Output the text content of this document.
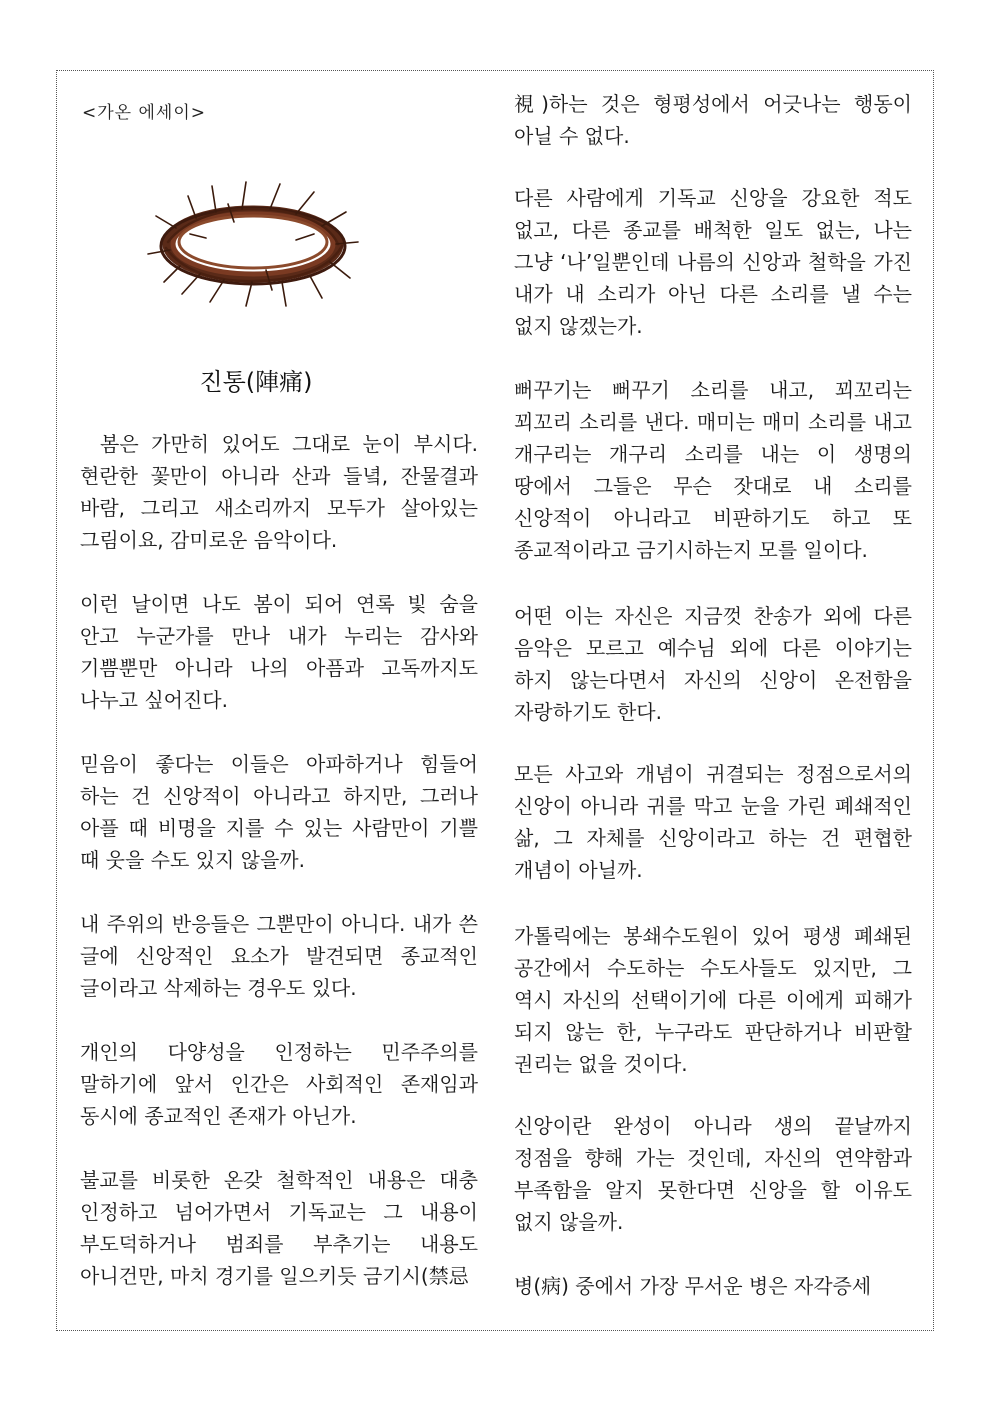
<가온 에세이>
진통(陣痛)

봄은 가만히 있어도 그대로 눈이 부시다. 현란한 꽃만이 아니라 산과 들녘, 잔물결과 바람, 그리고 새소리까지 모두가 살아있는 그림이요, 감미로운 음악이다.

이런 날이면 나도 봄이 되어 연록 빛 숨을 안고 누군가를 만나 내가 누리는 감사와 기쁨뿐만 아니라 나의 아픔과 고독까지도 나누고 싶어진다.

믿음이 좋다는 이들은 아파하거나 힘들어 하는 건 신앙적이 아니라고 하지만, 그러나 아플 때 비명을 지를 수 있는 사람만이 기쁠 때 웃을 수도 있지 않을까.

내 주위의 반응들은 그뿐만이 아니다. 내가 쓴 글에 신앙적인 요소가 발견되면 종교적인 글이라고 삭제하는 경우도 있다.

개인의 다양성을 인정하는 민주주의를 말하기에 앞서 인간은 사회적인 존재임과 동시에 종교적인 존재가 아닌가.

불교를 비롯한 온갖 철학적인 내용은 대충 인정하고 넘어가면서 기독교는 그 내용이 부도덕하거나 범죄를 부추기는 내용도 아니건만, 마치 경기를 일으키듯 금기시(禁忌

視)하는 것은 형평성에서 어긋나는 행동이 아닐 수 없다.

다른 사람에게 기독교 신앙을 강요한 적도 없고, 다른 종교를 배척한 일도 없는, 나는 그냥 ‘나’일뿐인데 나름의 신앙과 철학을 가진 내가 내 소리가 아닌 다른 소리를 낼 수는 없지 않겠는가.

뻐꾸기는 뻐꾸기 소리를 내고, 꾀꼬리는 꾀꼬리 소리를 낸다. 매미는 매미 소리를 내고 개구리는 개구리 소리를 내는 이 생명의 땅에서 그들은 무슨 잣대로 내 소리를 신앙적이 아니라고 비판하기도 하고 또 종교적이라고 금기시하는지 모를 일이다.

어떤 이는 자신은 지금껏 찬송가 외에 다른 음악은 모르고 예수님 외에 다른 이야기는 하지 않는다면서 자신의 신앙이 온전함을 자랑하기도 한다.

모든 사고와 개념이 귀결되는 정점으로서의 신앙이 아니라 귀를 막고 눈을 가린 폐쇄적인 삶, 그 자체를 신앙이라고 하는 건 편협한 개념이 아닐까.

가톨릭에는 봉쇄수도원이 있어 평생 폐쇄된 공간에서 수도하는 수도사들도 있지만, 그 역시 자신의 선택이기에 다른 이에게 피해가 되지 않는 한, 누구라도 판단하거나 비판할 권리는 없을 것이다.

신앙이란 완성이 아니라 생의 끝날까지 정점을 향해 가는 것인데, 자신의 연약함과 부족함을 알지 못한다면 신앙을 할 이유도 없지 않을까.

병(病) 중에서 가장 무서운 병은 자각증세
